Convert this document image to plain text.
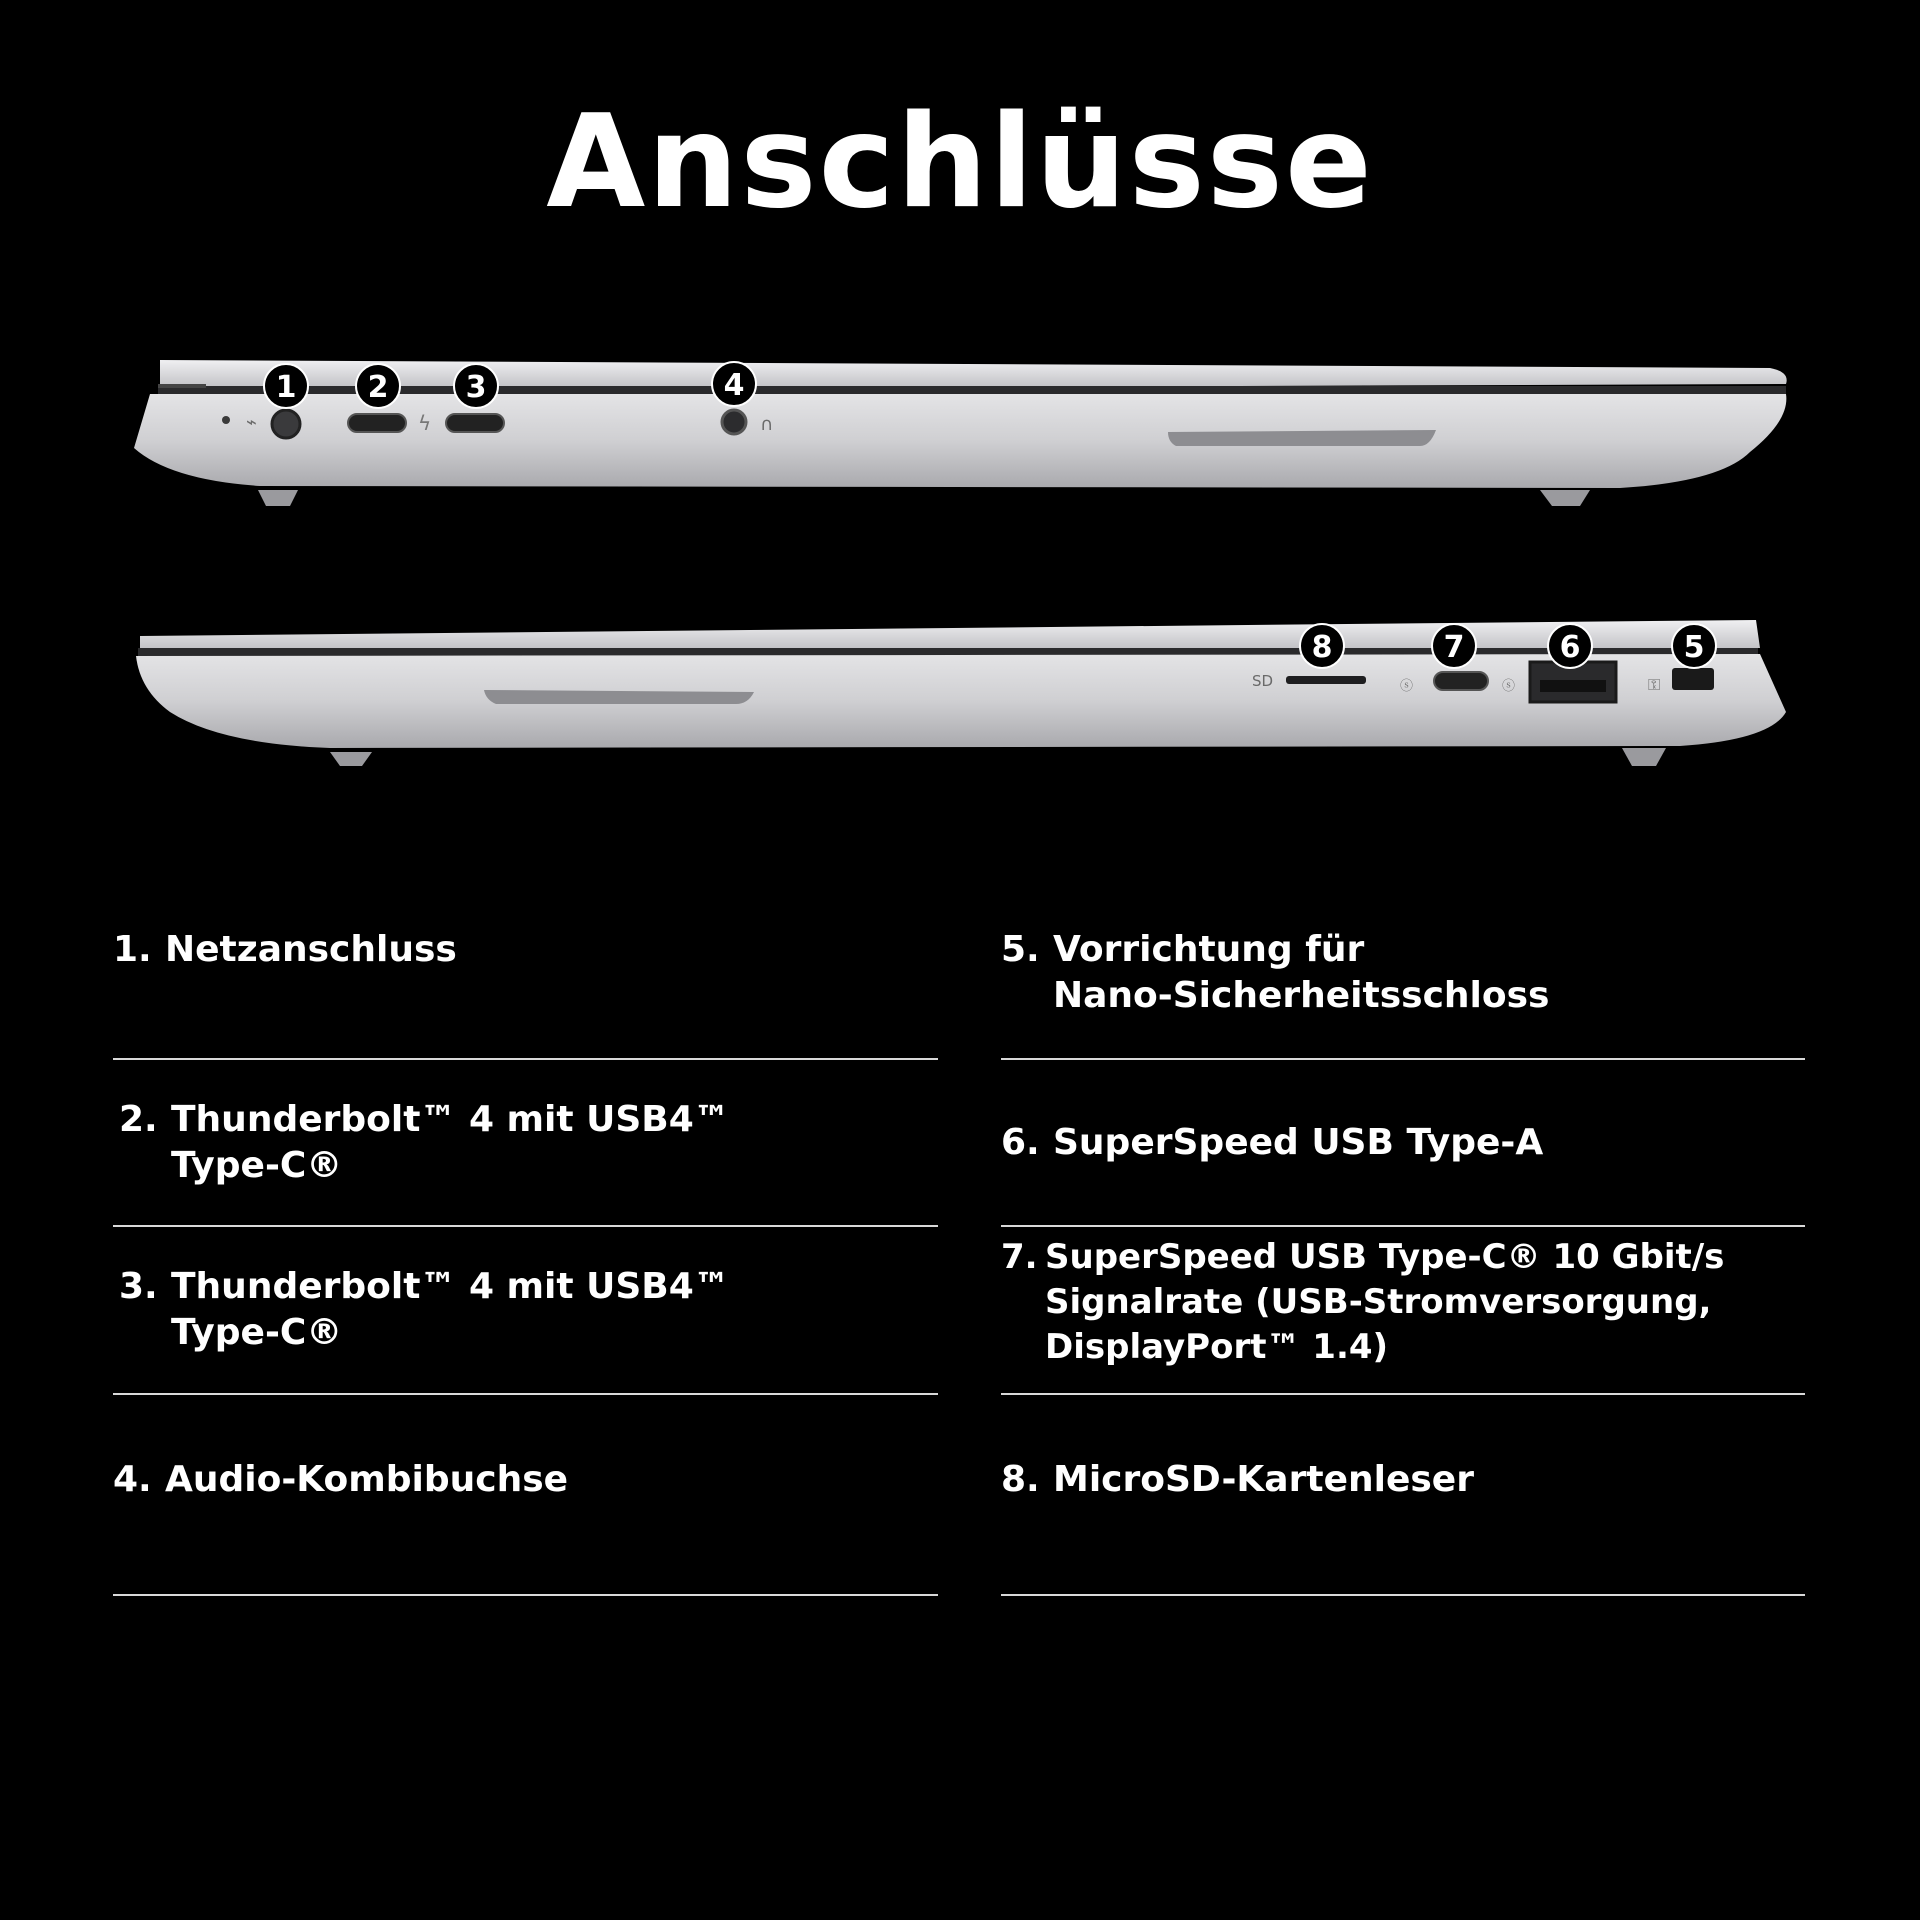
Anschlüsse
⌁	ϟ	∩
1 2	3	4
SD	ⓢ	ⓢ	⚿
8	7	6	5
1. Netzanschluss
2. Thunderbolt™ 4 mit USB4™
Type-C®
3. Thunderbolt™ 4 mit USB4™
Type-C®
4. Audio-Kombibuchse
5. Vorrichtung für
Nano-Sicherheitsschloss
6. SuperSpeed USB Type-A
7. SuperSpeed USB Type-C® 10 Gbit/s
Signalrate (USB-Stromversorgung,
DisplayPort™ 1.4)
8. MicroSD-Kartenleser
